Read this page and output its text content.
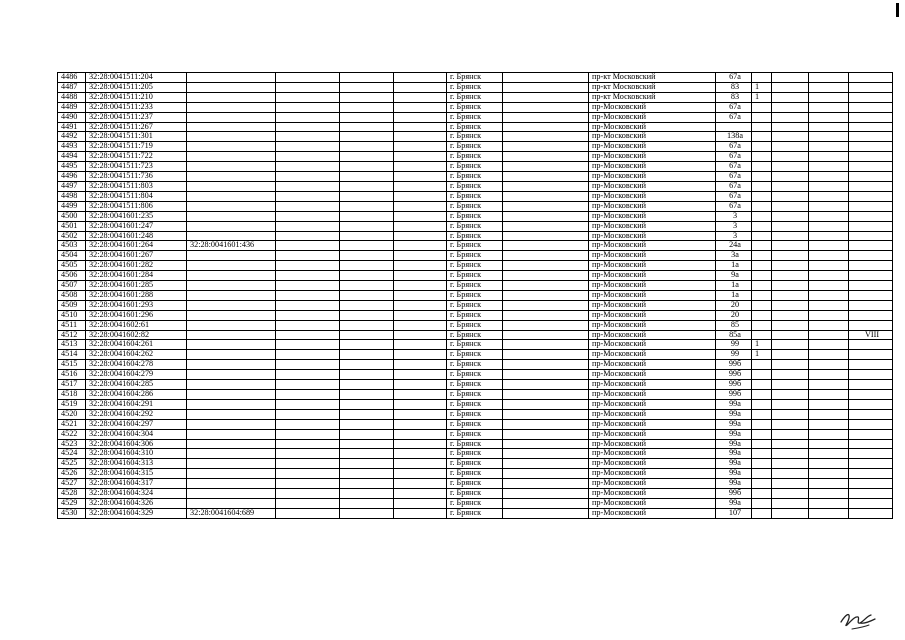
4486	32:28:0041511:204					г. Брянск		пр-кт Московский	67а				
4487	32:28:0041511:205					г. Брянск		пр-кт Московский	83	1			
4488	32:28:0041511:210					г. Брянск		пр-кт Московский	83	1			
4489	32:28:0041511:233					г. Брянск		пр-Московский	67а				
4490	32:28:0041511:237					г. Брянск		пр-Московский	67а				
4491	32:28:0041511:267					г. Брянск		пр-Московский					
4492	32:28:0041511:301					г. Брянск		пр-Московский	138а				
4493	32:28:0041511:719					г. Брянск		пр-Московский	67а				
4494	32:28:0041511:722					г. Брянск		пр-Московский	67а				
4495	32:28:0041511:723					г. Брянск		пр-Московский	67а				
4496	32:28:0041511:736					г. Брянск		пр-Московский	67а				
4497	32:28:0041511:803					г. Брянск		пр-Московский	67а				
4498	32:28:0041511:804					г. Брянск		пр-Московский	67а				
4499	32:28:0041511:806					г. Брянск		пр-Московский	67а				
4500	32:28:0041601:235					г. Брянск		пр-Московский	3				
4501	32:28:0041601:247					г. Брянск		пр-Московский	3				
4502	32:28:0041601:248					г. Брянск		пр-Московский	3				
4503	32:28:0041601:264	32:28:0041601:436				г. Брянск		пр-Московский	24а				
4504	32:28:0041601:267					г. Брянск		пр-Московский	3а				
4505	32:28:0041601:282					г. Брянск		пр-Московский	1а				
4506	32:28:0041601:284					г. Брянск		пр-Московский	9а				
4507	32:28:0041601:285					г. Брянск		пр-Московский	1а				
4508	32:28:0041601:288					г. Брянск		пр-Московский	1а				
4509	32:28:0041601:293					г. Брянск		пр-Московский	20				
4510	32:28:0041601:296					г. Брянск		пр-Московский	20				
4511	32:28:0041602:61					г. Брянск		пр-Московский	85				
4512	32:28:0041602:82					г. Брянск		пр-Московский	85а				VIII
4513	32:28:0041604:261					г. Брянск		пр-Московский	99	1			
4514	32:28:0041604:262					г. Брянск		пр-Московский	99	1			
4515	32:28:0041604:278					г. Брянск		пр-Московский	99б				
4516	32:28:0041604:279					г. Брянск		пр-Московский	99б				
4517	32:28:0041604:285					г. Брянск		пр-Московский	99б				
4518	32:28:0041604:286					г. Брянск		пр-Московский	99б				
4519	32:28:0041604:291					г. Брянск		пр-Московский	99а				
4520	32:28:0041604:292					г. Брянск		пр-Московский	99а				
4521	32:28:0041604:297					г. Брянск		пр-Московский	99а				
4522	32:28:0041604:304					г. Брянск		пр-Московский	99а				
4523	32:28:0041604:306					г. Брянск		пр-Московский	99а				
4524	32:28:0041604:310					г. Брянск		пр-Московский	99а				
4525	32:28:0041604:313					г. Брянск		пр-Московский	99а				
4526	32:28:0041604:315					г. Брянск		пр-Московский	99а				
4527	32:28:0041604:317					г. Брянск		пр-Московский	99а				
4528	32:28:0041604:324					г. Брянск		пр-Московский	99б				
4529	32:28:0041604:326					г. Брянск		пр-Московский	99а				
4530	32:28:0041604:329	32:28:0041604:689				г. Брянск		пр-Московский	107				
